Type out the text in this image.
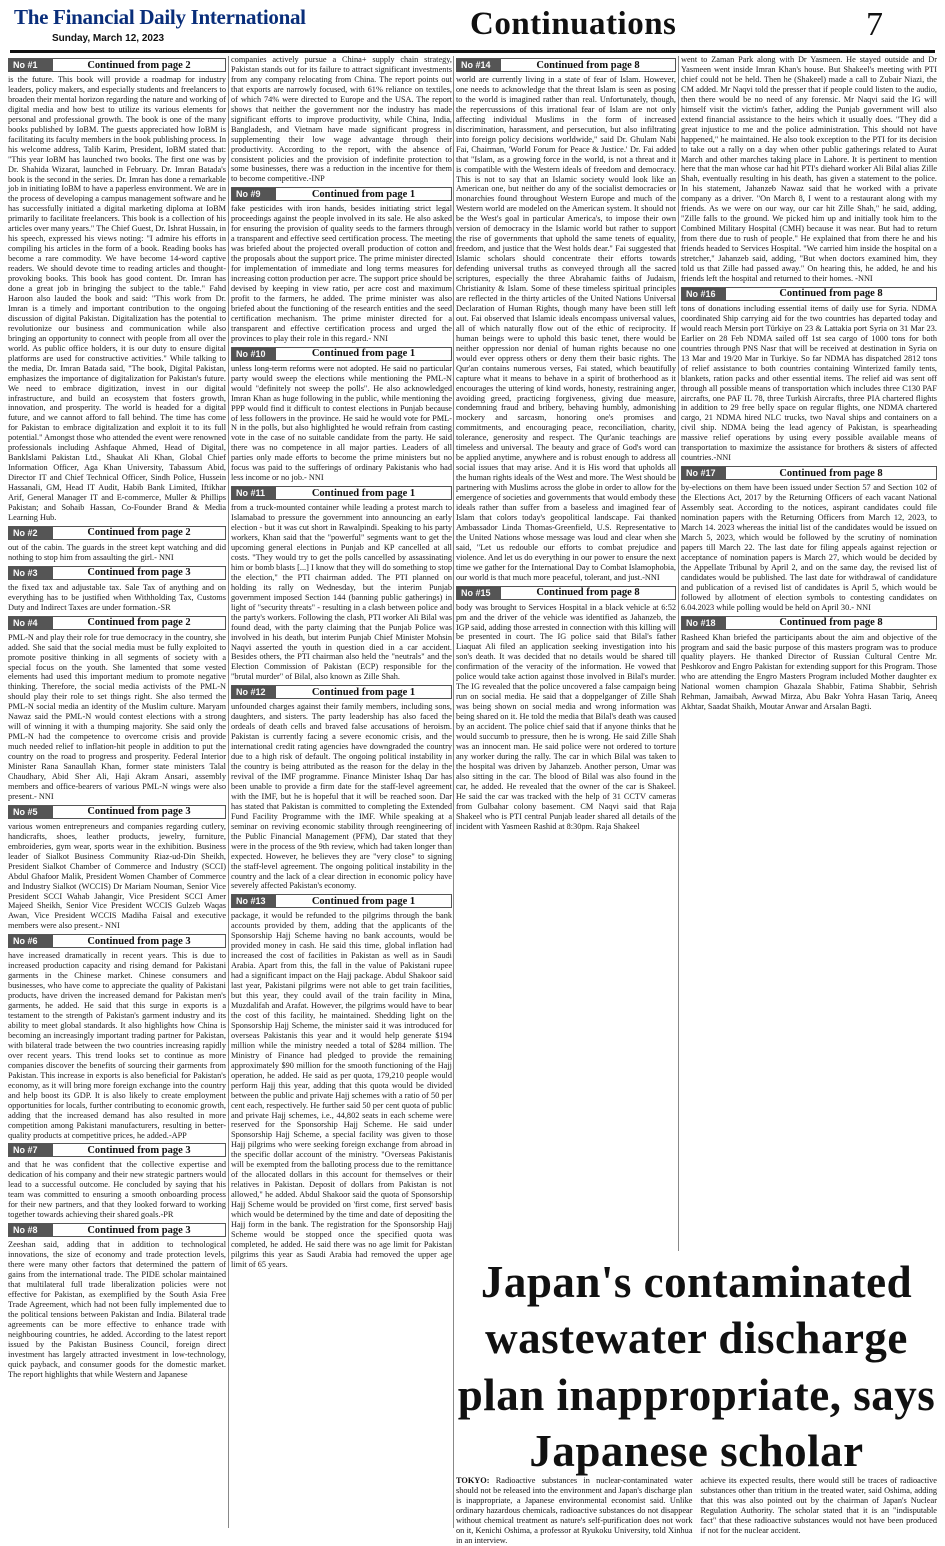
The Financial Daily International
Sunday, March 12, 2023	Continuations	7
No #1	Continued from page 2
is the future. This book will provide a roadmap for industry leaders, policy makers, and especially students and freelancers to broaden their mental horizon regarding the nature and working of digital media and how best to utilize its various elements for personal and professional growth. The book is one of the many books published by IoBM. The guests appreciated how IoBM is facilitating its faculty members in the book publishing process. In his welcome address, Talib Karim, President, IoBM stated that: "This year IoBM has launched two books. The first one was by Dr. Shahida Wizarat, launched in February. Dr. Imran Batada's book is the second in the series. Dr. Imran has done a remarkable job in initiating IoBM to have a paperless environment. We are in the process of developing a campus management software and he has successfully initiated a digital marketing diploma at IoBM primarily to facilitate freelancers. This book is a collection of his articles over many years." The Chief Guest, Dr. Ishrat Hussain, in his speech, expressed his views noting: "I admire his efforts in compiling his articles in the form of a book. Reading books has become a rare commodity. We have become 14-word captive readers. We should devote time to reading articles and thought-provoking books. This book has good content. Dr. Imran has done a great job in bringing the subject to the table." Fahd Haroon also lauded the book and said: "This work from Dr. Imran is a timely and important contribution to the ongoing discussion of digital Pakistan. Digitalization has the potential to revolutionize our business and communication while also bringing an opportunity to connect with people from all over the world. As public office holders, it is our duty to ensure digital platforms are used for constructive activities." While talking to the media, Dr. Imran Batada said, "The book, Digital Pakistan, emphasizes the importance of digitalization for Pakistan's future. We need to embrace digitization, invest in our digital infrastructure, and build an ecosystem that fosters growth, innovation, and prosperity. The world is headed for a digital future, and we cannot afford to fall behind. The time has come for Pakistan to embrace digitalization and exploit it to its full potential." Amongst those who attended the event were renowned professionals including Ashfaque Ahmed, Head of Digital, BankIslami Pakistan Ltd., Shaukat Ali Khan, Global Chief Information Officer, Aga Khan University, Tabassum Abid, Director IT and Chief Technical Officer, Sindh Police, Hussein Hassanali, GM, Head IT Audit, Habib Bank Limited, Iftikhar Arif, General Manager IT and E-commerce, Muller & Phillips Pakistan; and Sohaib Hassan, Co-Founder Brand & Media Learning Hub.
No #2	Continued from page 2
out of the cabin. The guards in the street kept watching and did nothing to stop him from assaulting the girl.- NNI
No #3	Continued from page 3
the fixed tax and adjustable tax. Sale Tax of anything and on everything has to be justified when Withholding Tax, Customs Duty and Indirect Taxes are under formation.-SR
No #4	Continued from page 2
PML-N and play their role for true democracy in the country, she added. She said that the social media must be fully exploited to promote positive thinking in all segments of society with a special focus on the youth. She lamented that some vested elements had used this important medium to promote negative thinking. Therefore, the social media activists of the PML-N should play their role to set things right. She also termed the PML-N social media an identity of the Muslim culture. Maryam Nawaz said the PML-N would contest elections with a strong will of winning it with a thumping majority. She said only the PML-N had the competence to overcome crisis and provide much needed relief to inflation-hit people in addition to put the country on the road to progress and prosperity. Federal Interior Minister Rana Sanaullah Khan, former state ministers Talal Chaudhary, Abid Sher Ali, Haji Akram Ansari, assembly members and office-bearers of various PML-N wings were also present.- NNI
No #5	Continued from page 3
various women entrepreneurs and companies regarding cutlery, handicrafts, shoes, leather products, jewelry, furniture, embroideries, gym wear, sports wear in the exhibition. Business leader of Sialkot Business Community Riaz-ud-Din Sheikh, President Sialkot Chamber of Commerce and Industry (SCCI) Abdul Ghafoor Malik, President Women Chamber of Commerce and Industry Sialkot (WCCIS) Dr Mariam Nouman, Senior Vice President SCCI Wahab Jahangir, Vice President SCCI Amer Majeed Sheikh, Senior Vice President WCCIS Gulzeb Waqas Awan, Vice President WCCIS Madiha Faisal and executive members were also present.- NNI
No #6	Continued from page 3
have increased dramatically in recent years. This is due to increased production capacity and rising demand for Pakistani garments in the Chinese market. Chinese consumers and businesses, who have come to appreciate the quality of Pakistani products, have driven the increased demand for Pakistan men's garments, he added. He said that this surge in exports is a testament to the strength of Pakistan's garment industry and its ability to meet global standards. It also highlights how China is becoming an increasingly important trading partner for Pakistan, with bilateral trade between the two countries increasing rapidly over recent years. This trend looks set to continue as more companies discover the benefits of sourcing their garments from Pakistan. This increase in exports is also beneficial for Pakistan's economy, as it will bring more foreign exchange into the country and help boost its GDP. It is also likely to create employment opportunities for locals, further contributing to economic growth, adding that the increased demand has also resulted in more competition among Pakistani manufacturers, resulting in better-quality products at competitive prices, he added.-APP
No #7	Continued from page 3
and that he was confident that the collective expertise and dedication of his company and their new strategic partners would lead to a successful outcome. He concluded by saying that his team was committed to ensuring a smooth onboarding process for their new partners, and that they looked forward to working together towards achieving their shared goals.-PR
No #8	Continued from page 3
Zeeshan said, adding that in addition to technological innovations, the size of economy and trade protection levels, there were many other factors that determined the pattern of gains from the international trade. The PIDE scholar maintained that multilateral full trade liberalization policies were not effective for Pakistan, as exemplified by the South Asia Free Trade Agreement, which had not been fully implemented due to the political tensions between Pakistan and India. Bilateral trade agreements can be more effective to enhance trade with neighbouring countries, he added. According to the latest report issued by the Pakistan Business Council, foreign direct investment has largely attracted investment in low-technology, quick payback, and consumer goods for the domestic market. The report highlights that while Western and Japanese
companies actively pursue a China+ supply chain strategy, Pakistan stands out for its failure to attract significant investments from any company relocating from China. The report points out that exports are narrowly focused, with 61% reliance on textiles, of which 74% were directed to Europe and the USA. The report shows that neither the government nor the industry has made significant efforts to improve productivity, while China, India, Bangladesh, and Vietnam have made significant progress in supplementing their low wage advantage through their productivity. According to the report, with the absence of consistent policies and the provision of indefinite protection to some businesses, there was a reduction in the incentive for them to become competitive.-INP
No #9	Continued from page 1
fake pesticides with iron hands, besides initiating strict legal proceedings against the people involved in its sale. He also asked for ensuring the provision of quality seeds to the farmers through a transparent and effective seed certification process. The meeting was briefed about the projected overall production of cotton and the proposals about the support price. The prime minister directed for implementation of immediate and long terms measures for increasing cotton production per acre. The support price should be devised by keeping in view ratio, per acre cost and maximum profit to the farmers, he added. The prime minister was also briefed about the functioning of the research entities and the seed certification mechanism. The prime minister directed for a transparent and effective certification process and urged the provinces to play their role in this regard.- NNI
No #10	Continued from page 1
unless long-term reforms were not adopted. He said no particular party would sweep the elections while mentioning the PML-N would "definitely not sweep the polls". He also acknowledged Imran Khan as huge following in the public, while mentioning the PPP would find it difficult to contest elections in Punjab because of less followers in the province. He said he would vote for PML-N in the polls, but also highlighted he would refrain from casting vote in the case of no suitable candidate from the party. He said there was no competence in all major parties. Leaders of all parties only made efforts to become the prime ministers but no focus was paid to the sufferings of ordinary Pakistanis who had less income or no job.- NNI
No #11	Continued from page 1
from a truck-mounted container while leading a protest march to Islamabad to pressure the government into announcing an early election - but it was cut short in Rawalpindi. Speaking to his party workers, Khan said that the "powerful" segments want to get the upcoming general elections in Punjab and KP cancelled at all costs. "They would try to get the polls cancelled by assassinating him or bomb blasts [...] I know that they will do something to stop the election," the PTI chairman added. The PTI planned on holding its rally on Wednesday, but the interim Punjab government imposed Section 144 (banning public gatherings) in light of "security threats" - resulting in a clash between police and the party's workers. Following the clash, PTI worker Ali Bilal was found dead, with the party claiming that the Punjab Police was involved in his death, but interim Punjab Chief Minister Mohsin Naqvi asserted the youth in question died in a car accident. Besides others, the PTI chairman also held the "neutrals" and the Election Commission of Pakistan (ECP) responsible for the "brutal murder" of Bilal, also known as Zille Shah.
No #12	Continued from page 1
unfounded charges against their family members, including sons, daughters, and sisters. The party leadership has also faced the ordeals of death cells and braved false accusations of heroism. Pakistan is currently facing a severe economic crisis, and the international credit rating agencies have downgraded the country due to a high risk of default. The ongoing political instability in the country is being attributed as the reason for the delay in the revival of the IMF programme. Finance Minister Ishaq Dar has been unable to provide a firm date for the staff-level agreement with the IMF, but he is hopeful that it will be reached soon. Dar has stated that Pakistan is committed to completing the Extended Fund Facility Programme with the IMF. While speaking at a seminar on reviving economic stability through reengineering of the Public Financial Management (PFM), Dar stated that they were in the process of the 9th review, which had taken longer than expected. However, he believes they are "very close" to signing the staff-level agreement. The ongoing political instability in the country and the lack of a clear direction in economic policy have severely affected Pakistan's economy.
No #13	Continued from page 1
package, it would be refunded to the pilgrims through the bank accounts provided by them, adding that the applicants of the Sponsorship Hajj Scheme having no bank accounts, would be provided money in cash. He said this time, global inflation had increased the cost of facilities in Pakistan as well as in Saudi Arabia. Apart from this, the fall in the value of Pakistani rupee had a significant impact on the Hajj package. Abdul Shakoor said last year, Pakistani pilgrims were not able to get train facilities, but this year, they could avail of the train facility in Mina, Muzdalifah and Arafat. However, the pilgrims would have to bear the cost of this facility, he maintained. Shedding light on the Sponsorship Hajj Scheme, the minister said it was introduced for overseas Pakistanis this year and it would help generate $194 million while the ministry needed a total of $284 million. The Ministry of Finance had pledged to provide the remaining approximately $90 million for the smooth functioning of the Hajj operation, he added. He said as per quota, 179,210 people would perform Hajj this year, adding that this quota would be divided between the public and private Hajj schemes with a ratio of 50 per cent each, respectively. He further said 50 per cent quota of public and private Hajj schemes, i.e., 44,802 seats in each scheme were reserved for the Sponsorship Hajj Scheme. He said under Sponsorship Hajj Scheme, a special facility was given to those Hajj pilgrims who were seeking foreign exchange from abroad in the specific dollar account of the ministry. "Overseas Pakistanis will be exempted from the balloting process due to the remittance of the allocated dollars in this account for themselves or their relatives in Pakistan. Deposit of dollars from Pakistan is not allowed," he added. Abdul Shakoor said the quota of Sponsorship Hajj Scheme would be provided on 'first come, first served' basis which would be determined by the time and date of depositing the Hajj form in the bank. The registration for the Sponsorship Hajj Scheme would be stopped once the specified quota was completed, he added. He said there was no age limit for Pakistan pilgrims this year as Saudi Arabia had removed the upper age limit of 65 years.
No #14	Continued from page 8
world are currently living in a state of fear of Islam. However, one needs to acknowledge that the threat Islam is seen as posing to the world is imagined rather than real. Unfortunately, though, the repercussions of this irrational fear of Islam are not only affecting individual Muslims in the form of increased discrimination, harassment, and persecution, but also infiltrating into foreign policy decisions worldwide," said Dr. Ghulam Nabi Fai, Chairman, 'World Forum for Peace & Justice.' Dr. Fai added that "Islam, as a growing force in the world, is not a threat and it is compatible with the Western ideals of freedom and democracy. This is not to say that an Islamic society would look like an American one, but neither do any of the socialist democracies or monarchies found throughout Western Europe and much of the Western world are modeled on the American system. It should not be the West's goal in particular America's, to impose their own version of democracy in the Islamic world but rather to support the rise of governments that uphold the same tenets of equality, freedom, and justice that the West holds dear." Fai suggested that Islamic scholars should concentrate their efforts towards defending universal truths as conveyed through all the sacred scriptures, especially the three Abrahamic faiths of Judaism, Christianity & Islam. Some of these timeless spiritual principles are reflected in the thirty articles of the United Nations Universal Declaration of Human Rights, though many have been still left out. Fai observed that Islamic ideals encompass universal values, all of which naturally flow out of the ethic of reciprocity. If human beings were to uphold this basic tenet, there would be neither oppression nor denial of human rights because no one would ever oppress others or deny them their basic rights. The Qur'an contains numerous verses, Fai stated, which beautifully capture what it means to behave in a spirit of brotherhood as it encourages the uttering of kind words, honesty, restraining anger, avoiding greed, practicing forgiveness, giving due measure, condemning fraud and bribery, behaving humbly, admonishing mockery and sarcasm, honoring one's promises and commitments, and encouraging peace, reconciliation, charity, tolerance, generosity and respect. The Qur'anic teachings are timeless and universal. The beauty and grace of God's word can be applied anytime, anywhere and is robust enough to address all social issues that may arise. And it is His word that upholds all the human rights ideals of the West and more. The West should be partnering with Muslims across the globe in order to allow for the emergence of societies and governments that would embody these ideals rather than suffer from a baseless and imagined fear of Islam that colors today's geopolitical landscape. Fai thanked Ambassador Linda Thomas-Greenfield, U.S. Representative to the United Nations whose message was loud and clear when she said, "Let us redouble our efforts to combat prejudice and violence. And let us do everything in our power to ensure the next time we gather for the International Day to Combat Islamophobia, our world is that much more peaceful, tolerant, and just.-NNI
No #15	Continued from page 8
body was brought to Services Hospital in a black vehicle at 6:52 pm and the driver of the vehicle was identified as Jahanzeb, the IGP said, adding those arrested in connection with this killing will be presented in court. The IG police said that Bilal's father Liaquat Ali filed an application seeking investigation into his son's death. It was decided that no details would be shared till confirmation of the veracity of the information. He vowed that police would take action against those involved in Bilal's murder. The IG revealed that the police uncovered a false campaign being run on social media. He said that a doppelganger of Zille Shah was being shown on social media and wrong information was being shared on it. He told the media that Bilal's death was caused by an accident. The police chief said that if anyone thinks that he would succumb to pressure, then he is wrong. He said Zille Shah was an innocent man. He said police were not ordered to torture any worker during the rally. The car in which Bilal was taken to the hospital was driven by Jahanzeb. Another person, Umar was also sitting in the car. The blood of Bilal was also found in the car, he added. He revealed that the owner of the car is Shakeel. He said the car was tracked with the help of 31 CCTV cameras from Gulbahar colony basement. CM Naqvi said that Raja Shakeel who is PTI central Punjab leader shared all details of the incident with Yasmeen Rashid at 8:30pm. Raja Shakeel
went to Zaman Park along with Dr Yasmeen. He stayed outside and Dr Yasmeen went inside Imran Khan's house. But Shakeel's meeting with PTI chief could not be held. Then he (Shakeel) made a call to Zubair Niazi, the CM added. Mr Naqvi told the presser that if people could listen to the audio, then there would be no need of any forensic. Mr Naqvi said the IG will himself visit the victim's father, adding the Punjab government will also extend financial assistance to the heirs which it usually does. "They did a great injustice to me and the police administration. This should not have happened," he maintained. He also took exception to the PTI for its decision to take out a rally on a day when other public gatherings related to Aurat March and other marches taking place in Lahore. It is pertinent to mention here that the man whose car had hit PTI's diehard worker Ali Bilal alias Zille Shah, eventually resulting in his death, has given a statement to the police. In his statement, Jahanzeb Nawaz said that he worked with a private company as a driver. "On March 8, I went to a restaurant along with my friends. As we were on our way, our car hit Zille Shah," he said, adding, "Zille falls to the ground. We picked him up and initially took him to the Combined Military Hospital (CMH) because it was near. But had to return from there due to rush of people." He explained that from there he and his friends headed to Services Hospital. "We carried him inside the hospital on a stretcher," Jahanzeb said, adding, "But when doctors examined him, they told us that Zille had passed away." On hearing this, he added, he and his friends left the hospital and returned to their homes. -NNI
No #16	Continued from page 8
tons of donations including essential items of daily use for Syria. NDMA coordinated Ship carrying aid for the two countries has departed today and would reach Mersin port Türkiye on 23 & Lattakia port Syria on 31 Mar 23. Earlier on 28 Feb NDMA sailed off 1st sea cargo of 1000 tons for both countries through PNS Nasr that will be received at destination in Syria on 13 Mar and 19/20 Mar in Turkiye. So far NDMA has dispatched 2812 tons of relief assistance to both countries containing Winterized family tents, blankets, ration packs and other essential items. The relief aid was sent off through all possible means of transportation which includes three C130 PAF aircrafts, one PAF IL 78, three Turkish Aircrafts, three PIA chartered flights in addition to 29 free belly space on regular flights, one NDMA chartered cargo, 21 NDMA hired NLC trucks, two Naval ships and containers on a civil ship. NDMA being the lead agency of Pakistan, is spearheading massive relief operations by using every possible available means of transportation to maximize the assistance for brothers & sisters of affected countries.-NNI
No #17	Continued from page 8
by-elections on them have been issued under Section 57 and Section 102 of the Elections Act, 2017 by the Returning Officers of each vacant National Assembly seat. According to the notices, aspirant candidates could file nomination papers with the Returning Officers from March 12, 2023, to March 14. 2023 whereas the initial list of the candidates would be issued on March 5, 2023, which would be followed by the scrutiny of nomination papers till March 22. The last date for filing appeals against rejection or acceptance of nomination papers is March 27, which would be decided by the Appellate Tribunal by April 2, and on the same day, the revised list of candidates would be published. The last date for withdrawal of candidature and publication of a revised list of candidates is April 5, which would be followed by allotment of election symbols to contesting candidates on 6.04.2023 while polling would be held on April 30.- NNI
No #18	Continued from page 8
Rasheed Khan briefed the participants about the aim and objective of the program and said the basic purpose of this masters program was to produce quality players. He thanked Director of Russian Cultural Centre Mr. Peshkorov and Engro Pakistan for extending support for this Program. Those who are attending the Engro Masters Program included Mother daughter ex National women champion Ghazala Shabbir, Fatima Shabbir, Sehrish Rehman, Jamaibah, Awwad Mirza, Abu Bakr Yohra Hasan Tariq, Aneeq Akhtar, Saadat Shaikh, Moutar Anwar and Arsalan Bagti.
Japan's contaminated wastewater discharge plan inappropriate, says Japanese scholar
TOKYO: Radioactive substances in nuclear-contaminated water should not be released into the environment and Japan's discharge plan is inappropriate, a Japanese environmental economist said. Unlike ordinary hazardous chemicals, radioactive substances do not disappear without chemical treatment as nature's self-purification does not work on it, Kenichi Oshima, a professor at Ryukoku University, told Xinhua in an interview.
achieve its expected results, there would still be traces of radioactive substances other than tritium in the treated water, said Oshima, adding that this was also pointed out by the chairman of Japan's Nuclear Regulation Authority. The scholar stated that it is an "indisputable fact" that these radioactive substances would not have been produced if not for the nuclear accident.
